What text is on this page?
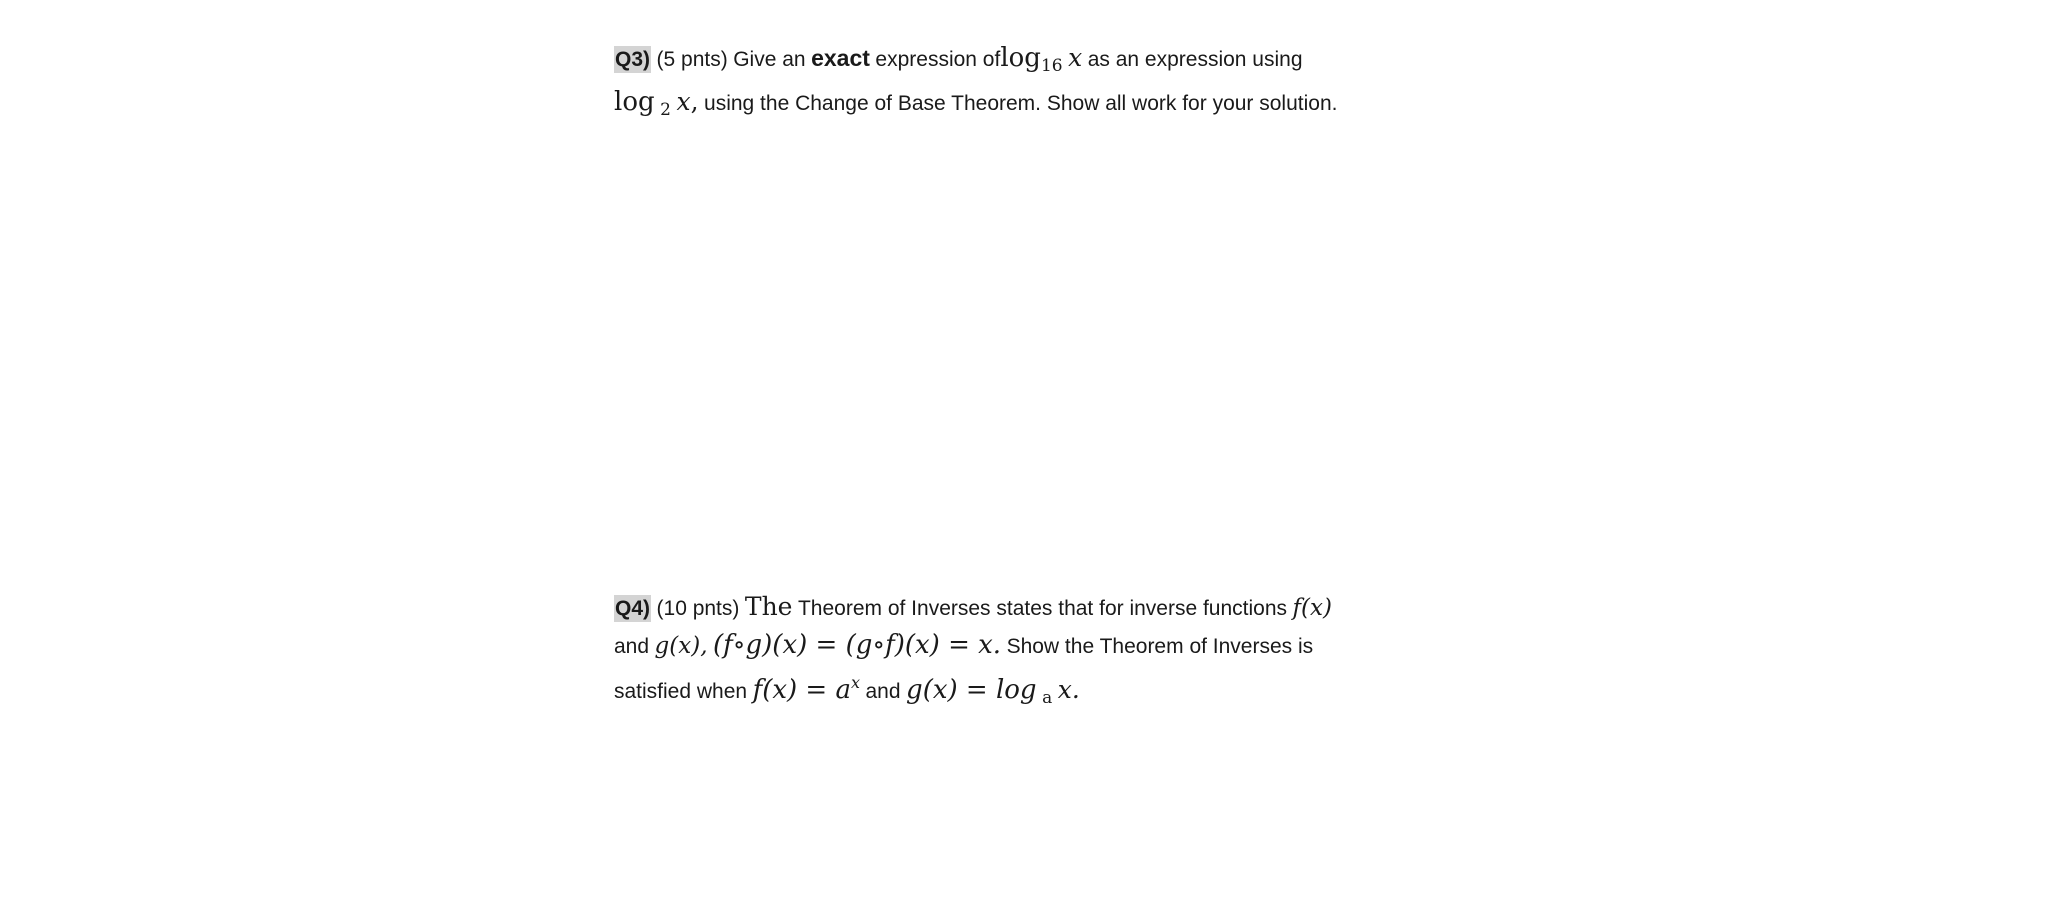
Q3) (5 pnts) Give an exact expression oflog$_{16}$ x as an expression using
log $_2$ x, using the Change of Base Theorem. Show all work for your solution.
Q4) (10 pnts) The Theorem of Inverses states that for inverse functions f(x)
and g(x), (f∘g)(x) = (g∘f)(x) = x. Show the Theorem of Inverses is
satisfied when $f(x) = a^x$ and g(x) = log $_a$ x.
